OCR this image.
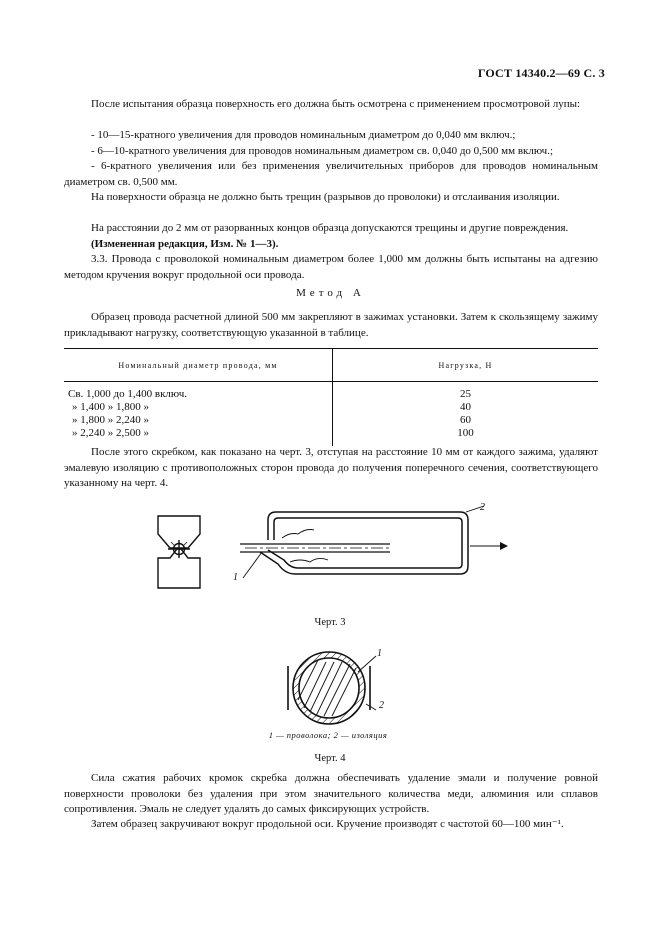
ГОСТ 14340.2—69 С. 3

После испытания образца поверхность его должна быть осмотрена с применением просмотровой лупы:

- 10—15-кратного увеличения для проводов номинальным диаметром до 0,040 мм включ.;

- 6—10-кратного увеличения для проводов номинальным диаметром св. 0,040 до 0,500 мм включ.;

- 6-кратного увеличения или без применения увеличительных приборов для проводов номинальным диаметром св. 0,500 мм.

На поверхности образца не должно быть трещин (разрывов до проволоки) и отслаивания изоляции.

На расстоянии до 2 мм от разорванных концов образца допускаются трещины и другие повреждения.

(Измененная редакция, Изм. № 1—3).

3.3. Провода с проволокой номинальным диаметром более 1,000 мм должны быть испытаны на адгезию методом кручения вокруг продольной оси провода.

Метод А

Образец провода расчетной длиной 500 мм закрепляют в зажимах установки. Затем к скользящему зажиму прикладывают нагрузку, соответствующую указанной в таблице.

Номинальный диаметр провода, мм	Нагрузка, Н
Св. 1,000 до 1,400 включ.	25
» 1,400 » 1,800 »	40
» 1,800 » 2,240 »	60
» 2,240 » 2,500 »	100

После этого скребком, как показано на черт. 3, отступая на расстояние 10 мм от каждого зажима, удаляют эмалевую изоляцию с противоположных сторон провода до получения поперечного сечения, соответствующего указанному на черт. 4.

1
2
Черт. 3
1
2
1 — проволока; 2 — изоляция
Черт. 4

Сила сжатия рабочих кромок скребка должна обеспечивать удаление эмали и получение ровной поверхности проволоки без удаления при этом значительного количества меди, алюминия или сплавов сопротивления. Эмаль не следует удалять до самых фиксирующих устройств.

Затем образец закручивают вокруг продольной оси. Кручение производят с частотой 60—100 мин⁻¹.
